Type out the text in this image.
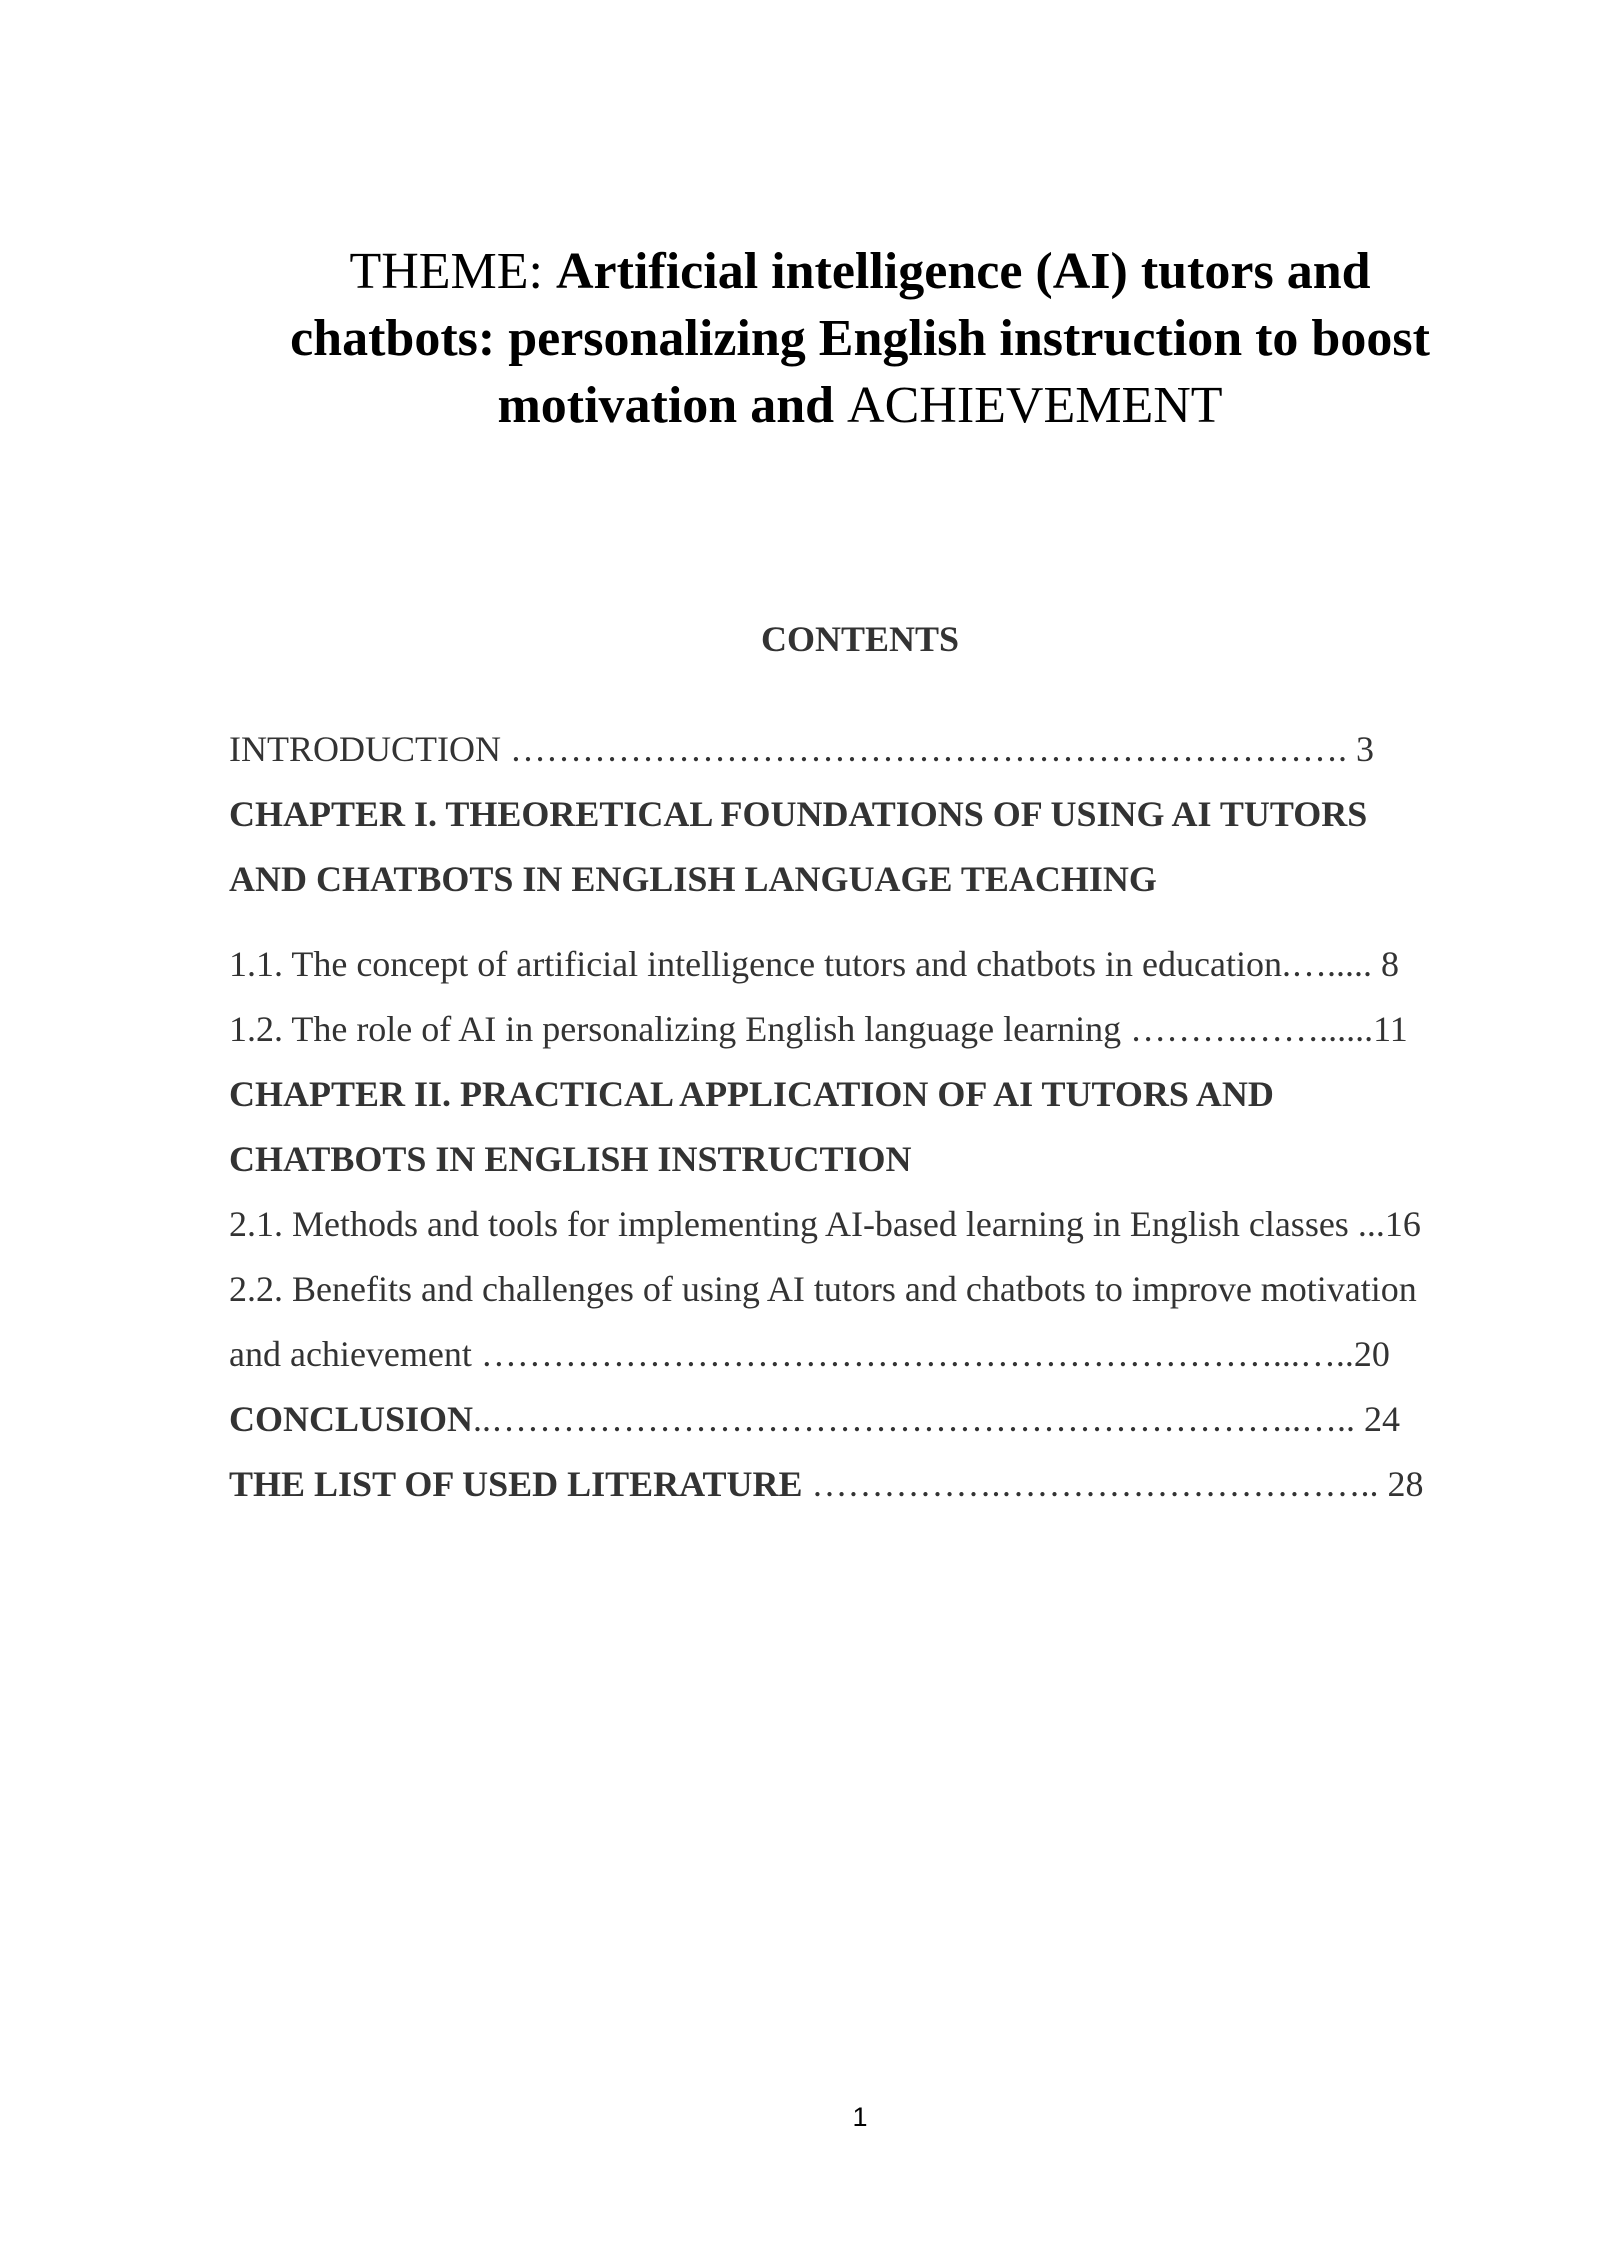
THEME: Artificial intelligence (AI) tutors and
chatbots: personalizing English instruction to boost
motivation and ACHIEVEMENT
CONTENTS
INTRODUCTION ……………………………………………………………. 3
CHAPTER I. THEORETICAL FOUNDATIONS OF USING AI TUTORS
AND CHATBOTS IN ENGLISH LANGUAGE TEACHING
1.1. The concept of artificial intelligence tutors and chatbots in education.…..... 8
1.2. The role of AI in personalizing English language learning ……….……......11
CHAPTER II. PRACTICAL APPLICATION OF AI TUTORS AND
CHATBOTS IN ENGLISH INSTRUCTION
2.1. Methods and tools for implementing AI-based learning in English classes ...16
2.2. Benefits and challenges of using AI tutors and chatbots to improve motivation
and achievement …………………………………………………………...…..20
CONCLUSION..…………………………………………………………..….. 24
THE LIST OF USED LITERATURE …………….………………………….. 28
1
